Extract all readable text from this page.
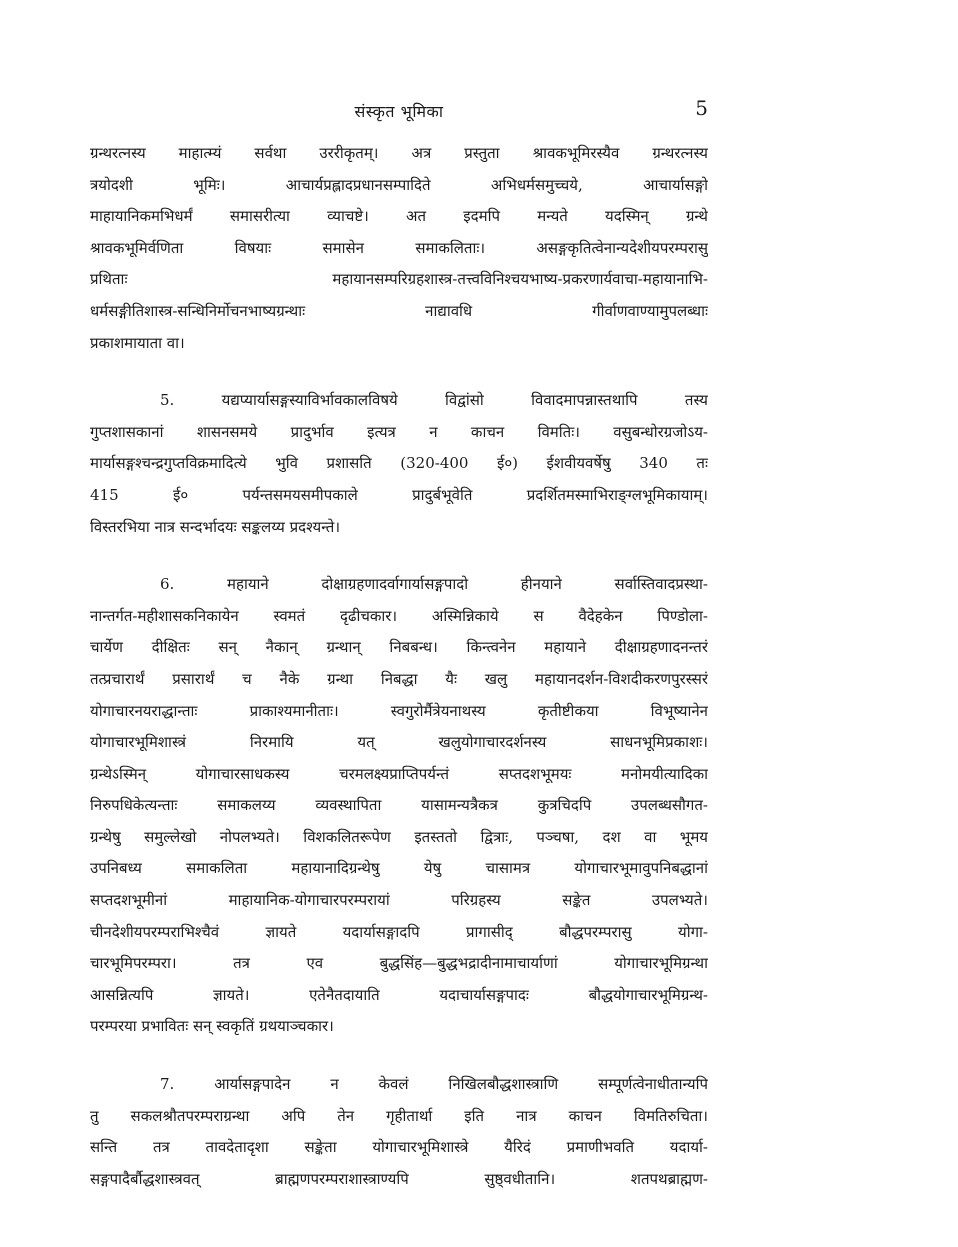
संस्कृत भूमिका	5

ग्रन्थरत्नस्य माहात्म्यं सर्वथा उररीकृतम्। अत्र प्रस्तुता श्रावकभूमिरस्यैव ग्रन्थरत्नस्य
त्रयोदशी भूमिः। आचार्यप्रह्लादप्रधानसम्पादिते अभिधर्मसमुच्चये, आचार्यासङ्गो
माहायानिकमभिधर्मं समासरीत्या व्याचष्टे। अत इदमपि मन्यते यदस्मिन् ग्रन्थे
श्रावकभूमिर्वणिता विषयाः समासेन समाकलिताः। असङ्गकृतित्वेनान्यदेशीयपरम्परासु
प्रथिताः महायानसम्परिग्रहशास्त्र-तत्त्वविनिश्चयभाष्य-प्रकरणार्यवाचा-महायानाभि-
धर्मसङ्गीतिशास्त्र-सन्धिनिर्मोचनभाष्यग्रन्थाः नाद्यावधि गीर्वाणवाण्यामुपलब्धाः
प्रकाशमायाता वा।

5. यद्यप्यार्यासङ्गस्याविर्भावकालविषये विद्वांसो विवादमापन्नास्तथापि तस्य
गुप्तशासकानां शासनसमये प्रादुर्भाव इत्यत्र न काचन विमतिः। वसुबन्धोरग्रजोऽय-
मार्यासङ्गश्चन्द्रगुप्तविक्रमादित्ये भुवि प्रशासति (320-400 ई०) ईशवीयवर्षेषु 340 तः
415 ई० पर्यन्तसमयसमीपकाले प्रादुर्बभूवेति प्रदर्शितमस्माभिराङ्ग्लभूमिकायाम्।
विस्तरभिया नात्र सन्दर्भादयः सङ्कलय्य प्रदश्यन्ते।

6. महायाने दोक्षाग्रहणादर्वागार्यासङ्गपादो हीनयाने सर्वास्तिवादप्रस्था-
नान्तर्गत-महीशासकनिकायेन स्वमतं दृढीचकार। अस्मिन्निकाये स वैदेहकेन पिण्डोला-
चार्येण दीक्षितः सन् नैकान् ग्रन्थान् निबबन्ध। किन्त्वनेन महायाने दीक्षाग्रहणादनन्तरं
तत्प्रचारार्थं प्रसारार्थं च नैके ग्रन्था निबद्धा यैः खलु महायानदर्शन-विशदीकरणपुरस्सरं
योगाचारनयराद्धान्ताः प्राकाश्यमानीताः। स्वगुरोर्मैत्रेयनाथस्य कृतीष्टीकया विभूष्यानेन
योगाचारभूमिशास्त्रं निरमायि यत् खलुयोगाचारदर्शनस्य साधनभूमिप्रकाशः।
ग्रन्थेऽस्मिन् योगाचारसाधकस्य चरमलक्ष्यप्राप्तिपर्यन्तं सप्तदशभूमयः मनोमयीत्यादिका
निरुपधिकेत्यन्ताः समाकलय्य व्यवस्थापिता यासामन्यत्रैकत्र कुत्रचिदपि उपलब्धसौगत-
ग्रन्थेषु समुल्लेखो नोपलभ्यते। विशकलितरूपेण इतस्ततो द्वित्राः, पञ्चषा, दश वा भूमय
उपनिबध्य समाकलिता महायानादिग्रन्थेषु येषु चासामत्र योगाचारभूमावुपनिबद्धानां
सप्तदशभूमीनां माहायानिक-योगाचारपरम्परायां परिग्रहस्य सङ्केत उपलभ्यते।
चीनदेशीयपरम्पराभिश्चैवं ज्ञायते यदार्यासङ्गादपि प्रागासीद् बौद्धपरम्परासु योगा-
चारभूमिपरम्परा। तत्र एव बुद्धसिंह—बुद्धभद्रादीनामाचार्याणां योगाचारभूमिग्रन्था
आसन्नित्यपि ज्ञायते। एतेनैतदायाति यदाचार्यासङ्गपादः बौद्धयोगाचारभूमिग्रन्थ-
परम्परया प्रभावितः सन् स्वकृतिं ग्रथयाञ्चकार।

7. आर्यासङ्गपादेन न केवलं निखिलबौद्धशास्त्राणि सम्पूर्णत्वेनाधीतान्यपि
तु सकलश्रौतपरम्पराग्रन्था अपि तेन गृहीतार्था इति नात्र काचन विमतिरुचिता।
सन्ति तत्र तावदेतादृशा सङ्केता योगाचारभूमिशास्त्रे यैरिदं प्रमाणीभवति यदार्या-
सङ्गपादैर्बौद्धशास्त्रवत् ब्राह्मणपरम्पराशास्त्राण्यपि सुष्ठ्वधीतानि। शतपथब्राह्मण-
